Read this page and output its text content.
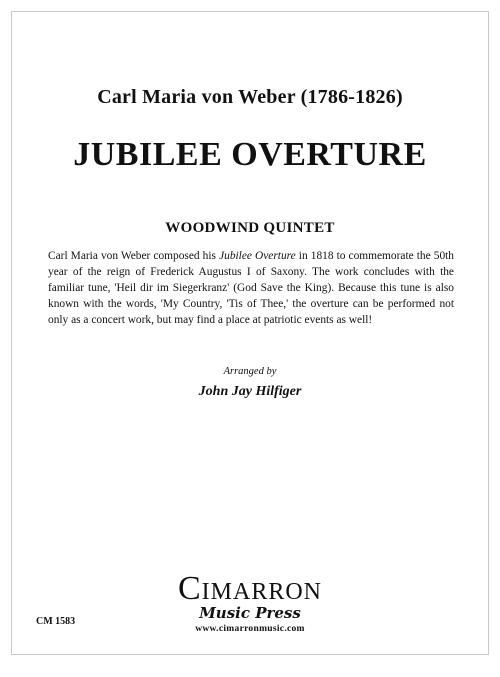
Carl Maria von Weber (1786-1826)
JUBILEE OVERTURE
WOODWIND QUINTET
Carl Maria von Weber composed his Jubilee Overture in 1818 to commemorate the 50th year of the reign of Frederick Augustus I of Saxony. The work concludes with the familiar tune, 'Heil dir im Siegerkranz' (God Save the King). Because this tune is also known with the words, 'My Country, 'Tis of Thee,' the overture can be performed not only as a concert work, but may find a place at patriotic events as well!
Arranged by
John Jay Hilfiger
CIMARRON
Music Press
www.cimarronmusic.com
CM 1583
